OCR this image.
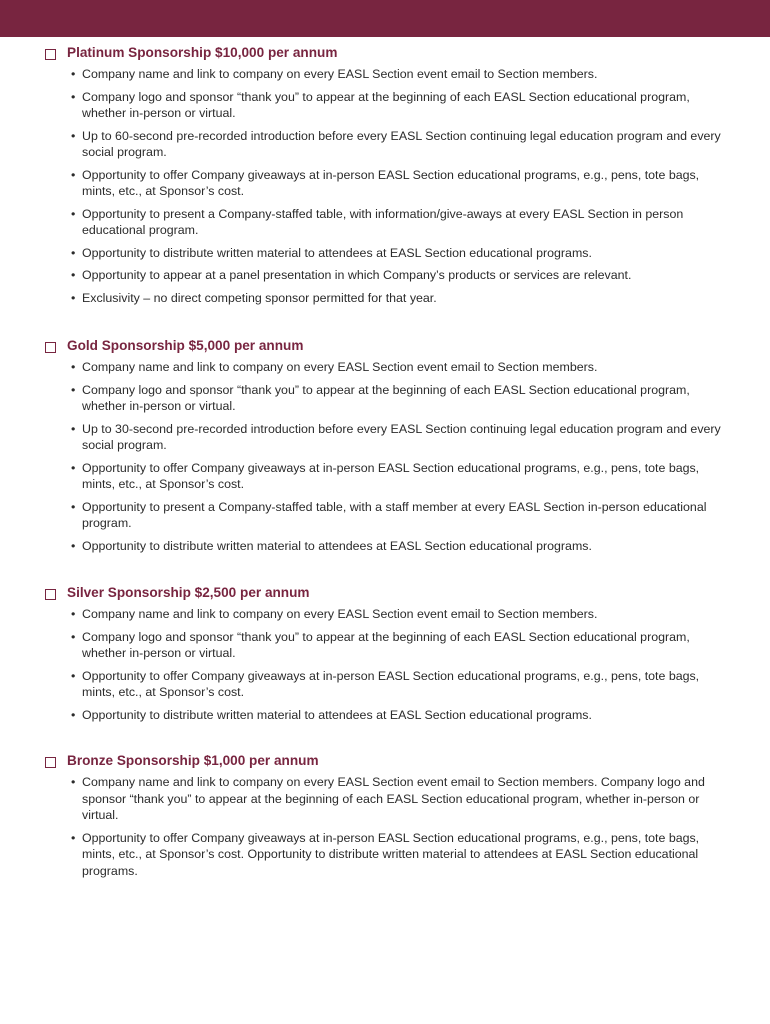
Platinum Sponsorship $10,000 per annum
• Company name and link to company on every EASL Section event email to Section members.
• Company logo and sponsor “thank you” to appear at the beginning of each EASL Section educational program, whether in-person or virtual.
• Up to 60-second pre-recorded introduction before every EASL Section continuing legal education program and every social program.
• Opportunity to offer Company giveaways at in-person EASL Section educational programs, e.g., pens, tote bags, mints, etc., at Sponsor’s cost.
• Opportunity to present a Company-staffed table, with information/give-aways at every EASL Section in person educational program.
• Opportunity to distribute written material to attendees at EASL Section educational programs.
• Opportunity to appear at a panel presentation in which Company’s products or services are relevant.
• Exclusivity – no direct competing sponsor permitted for that year.
Gold Sponsorship $5,000 per annum
• Company name and link to company on every EASL Section event email to Section members.
• Company logo and sponsor “thank you” to appear at the beginning of each EASL Section educational program, whether in-person or virtual.
• Up to 30-second pre-recorded introduction before every EASL Section continuing legal education program and every social program.
• Opportunity to offer Company giveaways at in-person EASL Section educational programs, e.g., pens, tote bags, mints, etc., at Sponsor’s cost.
• Opportunity to present a Company-staffed table, with a staff member at every EASL Section in-person educational program.
• Opportunity to distribute written material to attendees at EASL Section educational programs.
Silver Sponsorship $2,500 per annum
• Company name and link to company on every EASL Section event email to Section members.
• Company logo and sponsor “thank you” to appear at the beginning of each EASL Section educational program, whether in-person or virtual.
• Opportunity to offer Company giveaways at in-person EASL Section educational programs, e.g., pens, tote bags, mints, etc., at Sponsor’s cost.
• Opportunity to distribute written material to attendees at EASL Section educational programs.
Bronze Sponsorship $1,000 per annum
• Company name and link to company on every EASL Section event email to Section members. Company logo and sponsor “thank you” to appear at the beginning of each EASL Section educational program, whether in-person or virtual.
• Opportunity to offer Company giveaways at in-person EASL Section educational programs, e.g., pens, tote bags, mints, etc., at Sponsor’s cost. Opportunity to distribute written material to attendees at EASL Section educational programs.
